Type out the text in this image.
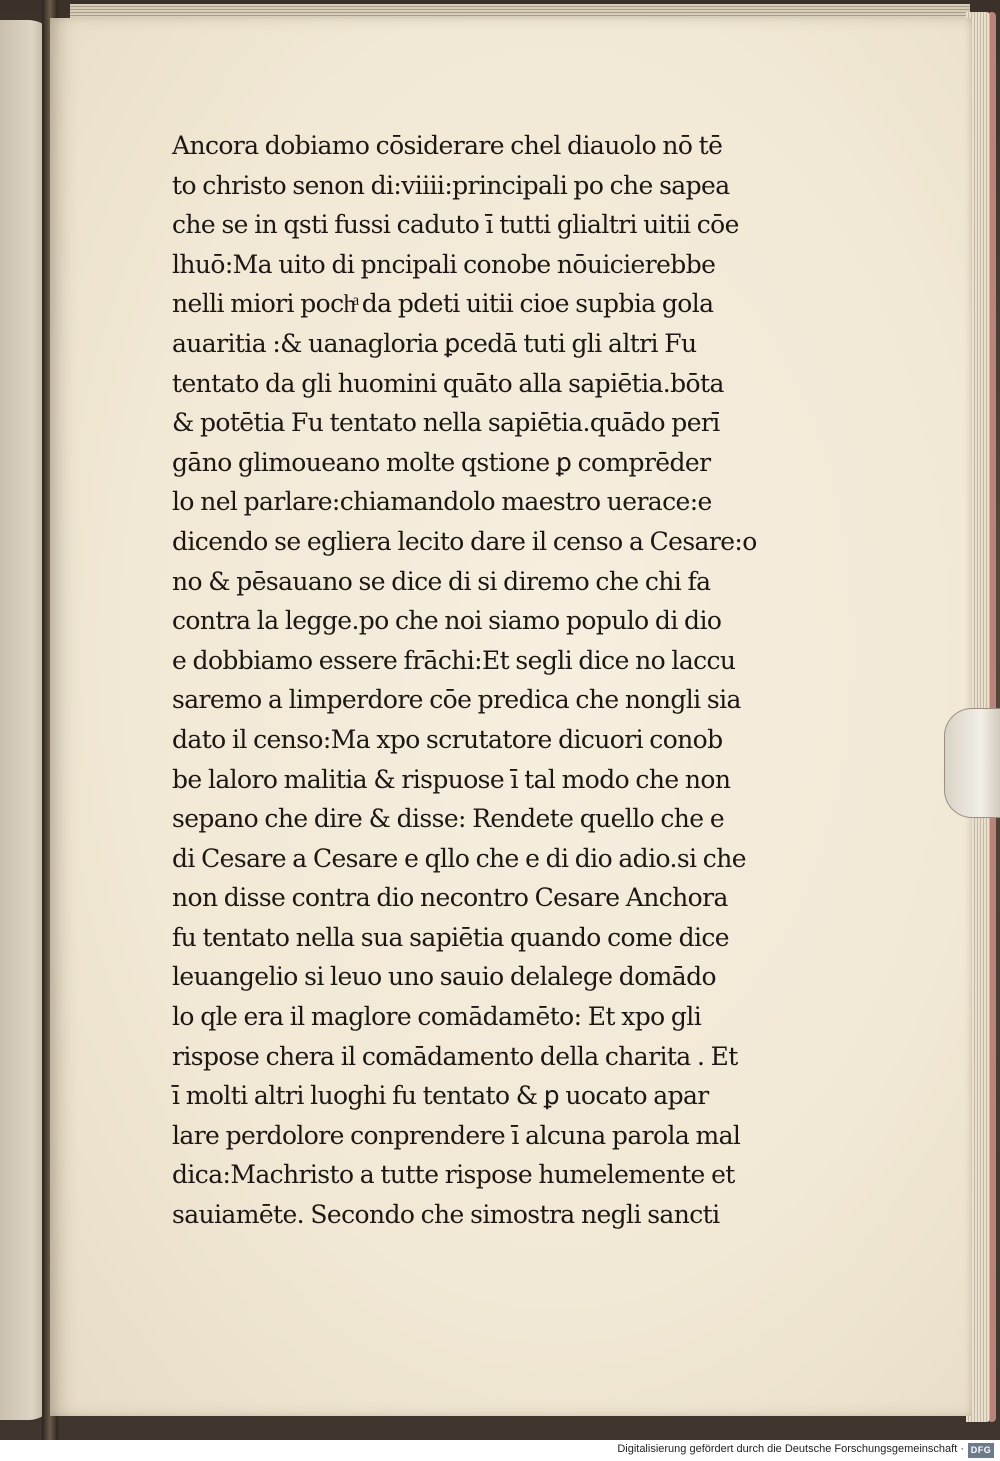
Ancora dobiamo cōsiderare chel diauolo nō tē
to christo senon di:viiii:principali po che sapea
che se in qsti fussi caduto ī tutti glialtri uitii cōe
lhuō:Ma uito di pncipali conobe nōuicierebbe
nelli miori pochͣ da pdeti uitii cioe supbia gola
auaritia :& uanagloria ꝑcedā tuti gli altri Fu
tentato da gli huomini quāto alla sapiētia.bōta
& potētia Fu tentato nella sapiētia.quādo perī
gāno glimoueano molte qstione ꝑ comprēder
lo nel parlare:chiamandolo maestro uerace:e
dicendo se egliera lecito dare il censo a Cesare:o
no & pēsauano se dice di si diremo che chi fa
contra la legge.po che noi siamo populo di dio
e dobbiamo essere frāchi:Et segli dice no laccu
saremo a limperdore cōe predica che nongli sia
dato il censo:Ma xpo scrutatore dicuori conob
be laloro malitia & rispuose ī tal modo che non
sepano che dire & disse: Rendete quello che e
di Cesare a Cesare e qllo che e di dio adio.si che
non disse contra dio necontro Cesare Anchora
fu tentato nella sua sapiētia quando come dice
leuangelio si leuo uno sauio delalege domādo
lo qle era il maglore comādamēto: Et xpo gli
rispose chera il comādamento della charita . Et
ī molti altri luoghi fu tentato & ꝑ uocato apar
lare perdolore conprendere ī alcuna parola mal
dica:Machristo a tutte rispose humelemente et
sauiamēte. Secondo che simostra negli sancti
Digitalisierung gefördert durch die Deutsche Forschungsgemeinschaft · DFG
